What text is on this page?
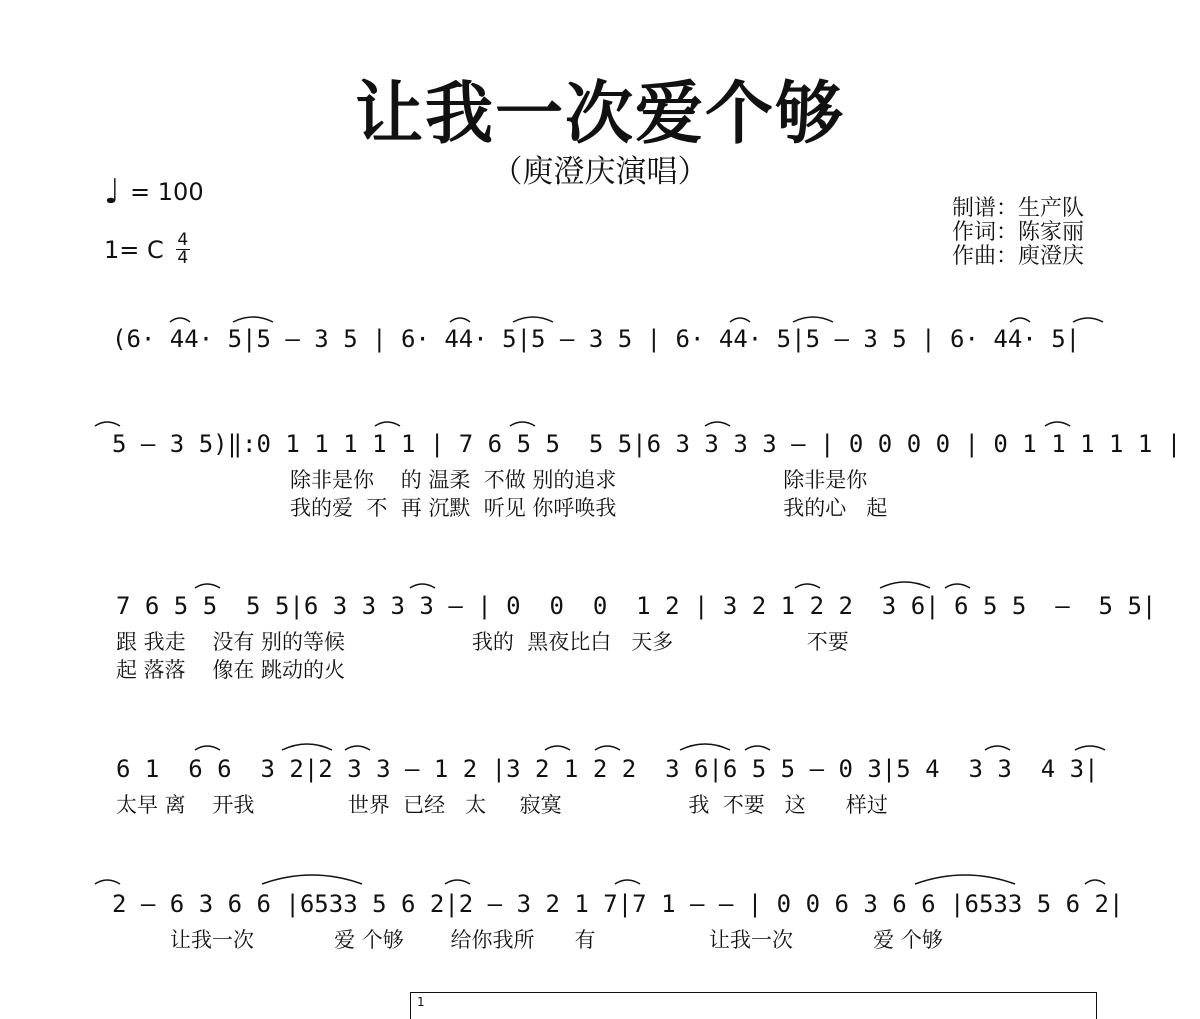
让我一次爱个够
（庾澄庆演唱）
♩ = 100
1= C $\frac{4}{4}$
制谱：生产队
作词：陈家丽
作曲：庾澄庆
(6· 44· 5|5 — 3 5 | 6· 44· 5|5 — 3 5 | 6· 44· 5|5 — 3 5 | 6· 44· 5|
5 — 3 5)‖:0 1 1 1 1 1 | 7 6 5 5  5 5|6 3 3 3 3 — | 0 0 0 0 | 0 1 1 1 1 1 |
除非是你    的 温柔  不做 别的追求                         除非是你
我的爱  不  再 沉默  听见 你呼唤我                         我的心   起
7 6 5 5  5 5|6 3 3 3 3 — | 0  0  0  1 2 | 3 2 1 2 2  3 6| 6 5 5  —  5 5|
跟 我走    没有 别的等候                   我的  黑夜比白   天多                    不要
起 落落    像在 跳动的火
6 1  6 6  3 2|2 3 3 — 1 2 |3 2 1 2 2  3 6|6 5 5 — 0 3|5 4  3 3  4 3|
太早 离    开我              世界  已经   太     寂寞                   我  不要   这      样过
2 — 6 3 6 6 |6533 5 6 2|2 — 3 2 1 7|7 1 — — | 0 0 6 3 6 6 |6533 5 6 2|
让我一次            爱 个够       给你我所      有                 让我一次            爱 个够
1
